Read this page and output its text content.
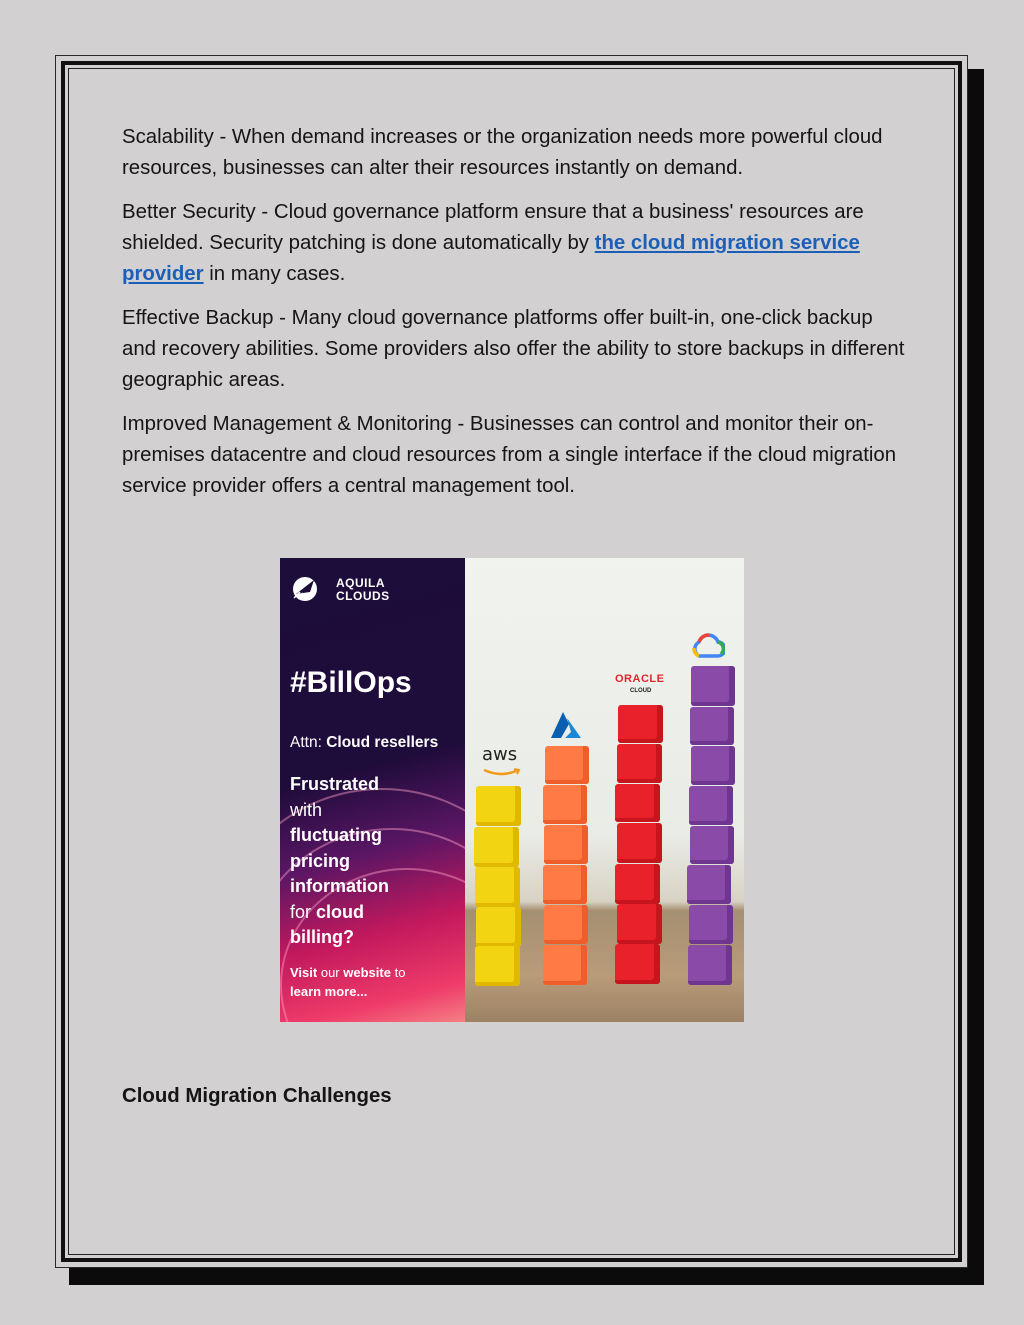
Scalability - When demand increases or the organization needs more powerful cloud resources, businesses can alter their resources instantly on demand.

Better Security - Cloud governance platform ensure that a business' resources are shielded. Security patching is done automatically by the cloud migration service provider in many cases.

Effective Backup - Many cloud governance platforms offer built-in, one-click backup and recovery abilities. Some providers also offer the ability to store backups in different geographic areas.

Improved Management & Monitoring - Businesses can control and monitor their on-premises datacentre and cloud resources from a single interface if the cloud migration service provider offers a central management tool.

AQUILA
CLOUDS
#BillOps
Attn: Cloud resellers
Frustrated
with
fluctuating
pricing
information
for cloud
billing?
Visit our website to
learn more...
aws
ORACLE
CLOUD
Cloud Migration Challenges
